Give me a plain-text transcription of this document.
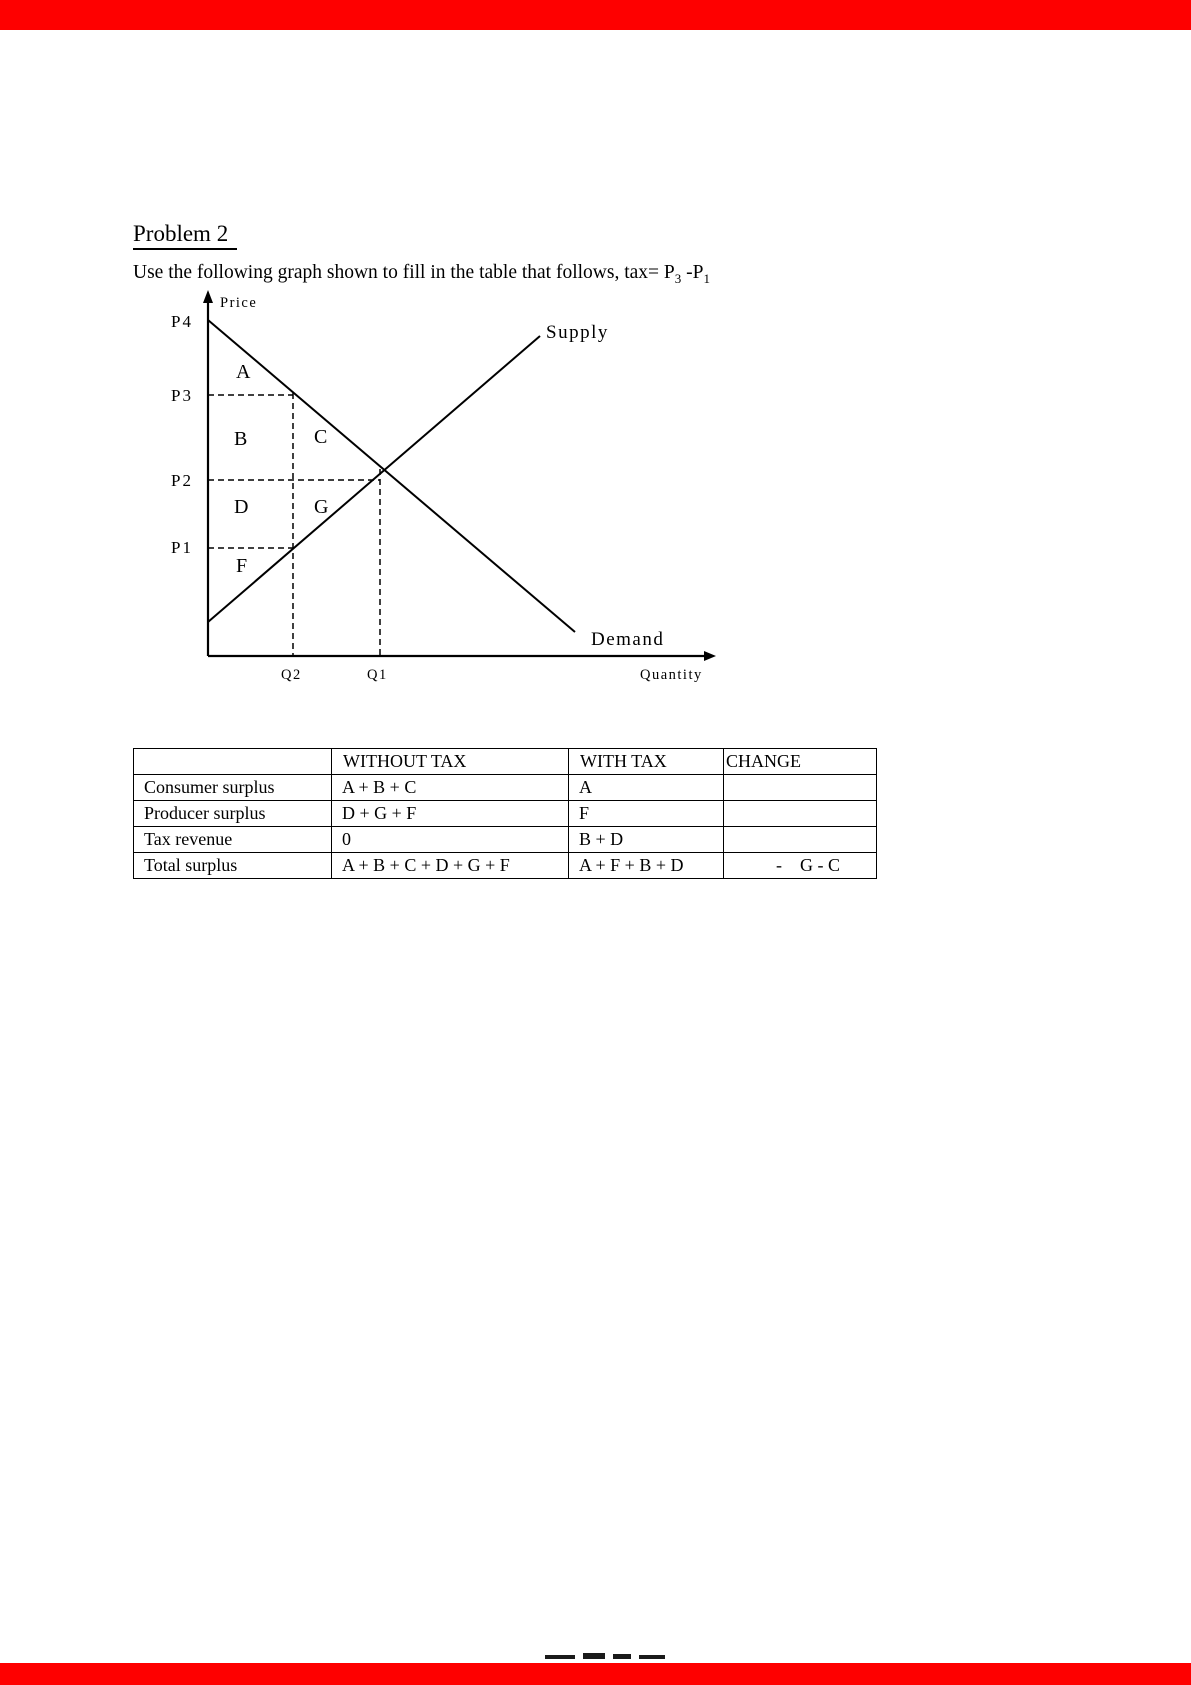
Problem 2

Use the following graph shown to fill in the table that follows, $tax= P_3$ $-P_1$

Price
Quantity
P4
P3
P2
P1
Q2	Q1
Supply
Demand
A
B	C
D	G
F
	WITHOUT TAX	WITH TAX	CHANGE
Consumer surplus	A + B + C	A	
Producer surplus	D + G + F	F	
Tax revenue	0	B + D	
Total surplus	A + B + C + D + G + F	A + F + B + D	-    G - C
